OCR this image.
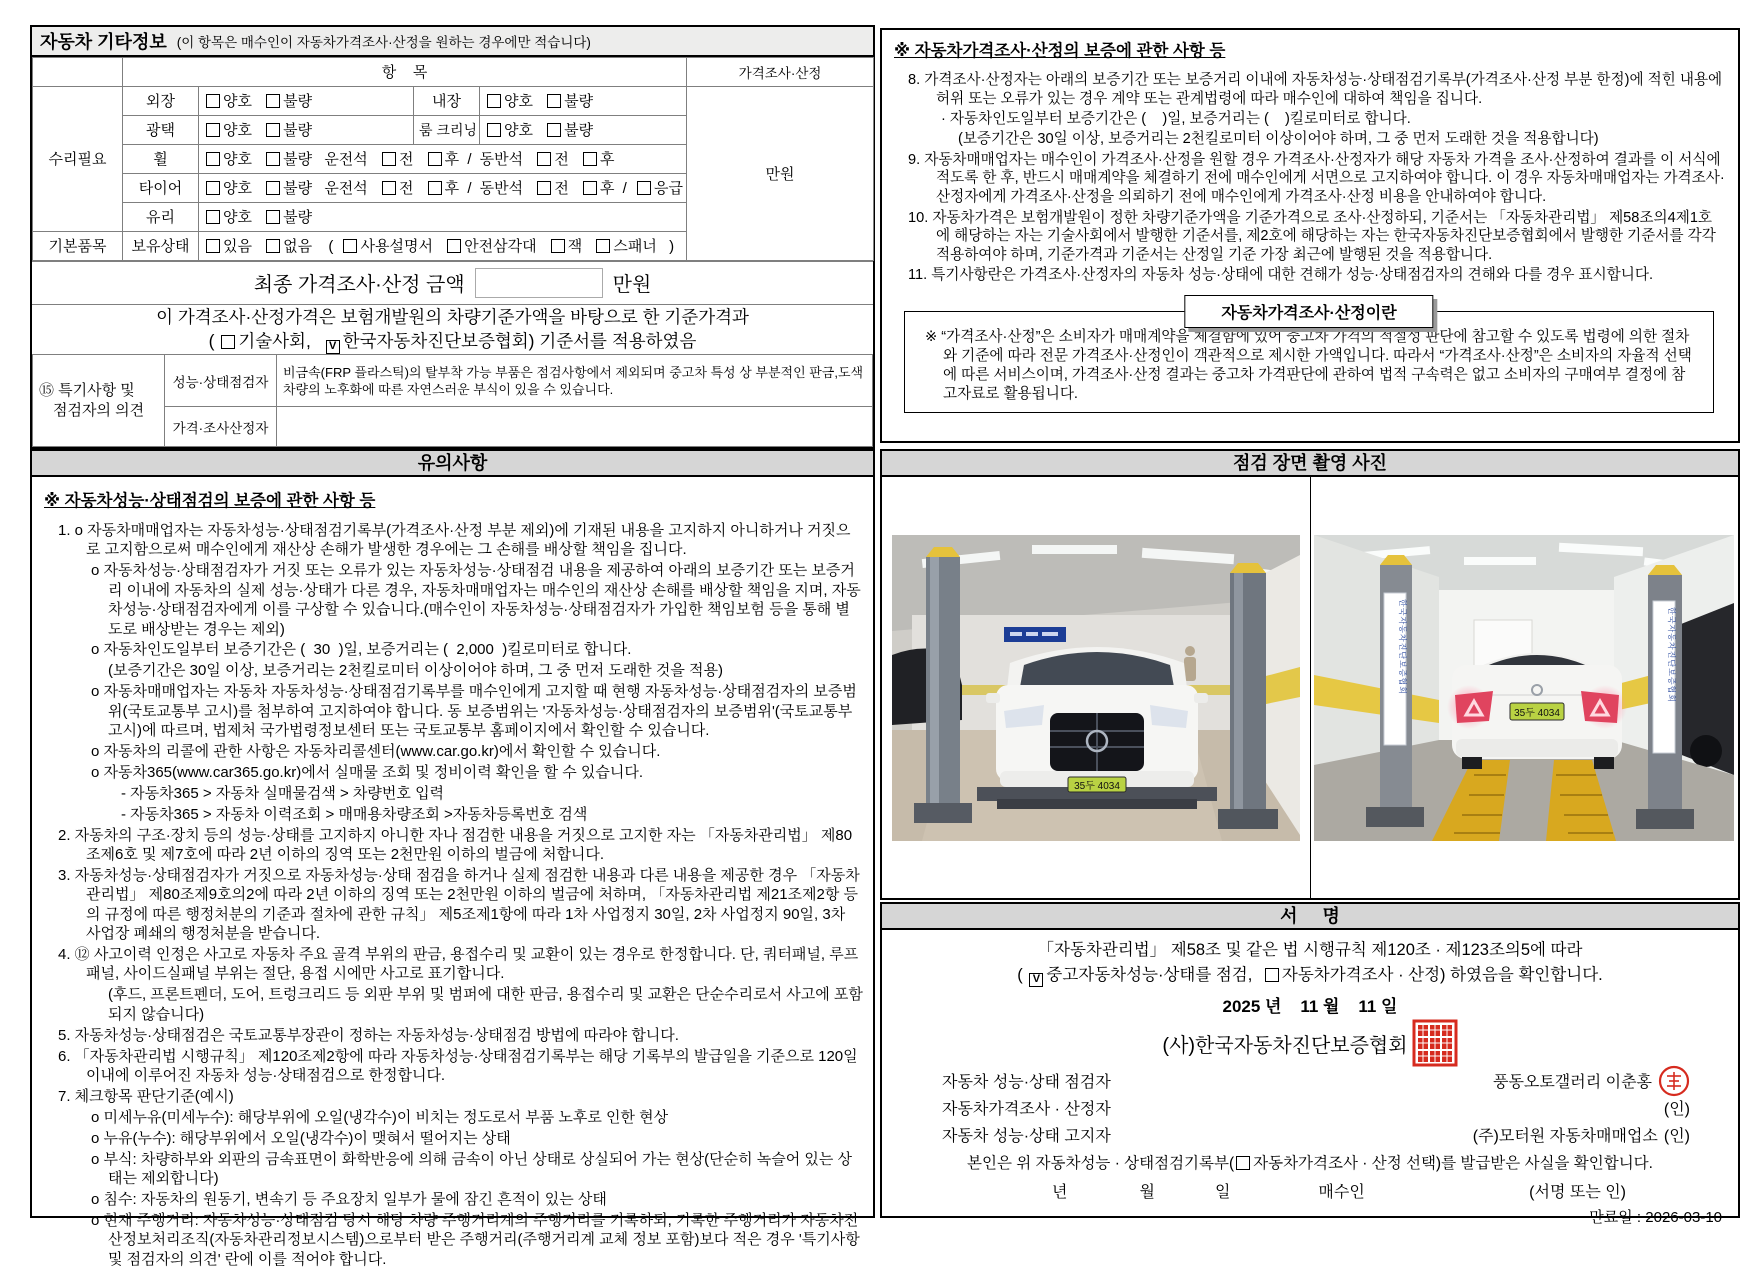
자동차 기타정보 (이 항목은 매수인이 자동차가격조사·산정을 원하는 경우에만 적습니다)
	항    목				가격조사·산정
수리필요	외장	양호 불량	내장	양호 불량	만원
	광택	양호 불량	룸 크리닝	양호 불량	
	휠	양호 불량 운전석 전 후 / 동반석 전 후			
	타이어	양호 불량 운전석 전 후 / 동반석 전 후 / 응급			
	유리	양호 불량			
기본품목	보유상태	있음 없음 ( 사용설명서 안전삼각대 잭 스패너 )			
최종 가격조사·산정 금액	만원
이 가격조사·산정가격은 보험개발원의 차량기준가액을 바탕으로 한 기준가격과
( 기술사회, V 한국자동차진단보증협회) 기준서를 적용하였음
⑮ 특기사항 및
점검자의 의견	성능·상태점검자	비금속(FRP 플라스틱)의 탈부착 가능 부품은 점검사항에서 제외되며 중고차 특성 상 부분적인 판금,도색 차량의 노후화에 따른 자연스러운 부식이 있을 수 있습니다.
	가격·조사산정자	
유의사항
※ 자동차성능·상태점검의 보증에 관한 사항 등
1. o 자동차매매업자는 자동차성능·상태점검기록부(가격조사·산정 부분 제외)에 기재된 내용을 고지하지 아니하거나 거짓으로 고지함으로써 매수인에게 재산상 손해가 발생한 경우에는 그 손해를 배상할 책임을 집니다.
o 자동차성능·상태점검자가 거짓 또는 오류가 있는 자동차성능·상태점검 내용을 제공하여 아래의 보증기간 또는 보증거리 이내에 자동차의 실제 성능·상태가 다른 경우, 자동차매매업자는 매수인의 재산상 손해를 배상할 책임을 지며, 자동차성능·상태점검자에게 이를 구상할 수 있습니다.(매수인이 자동차성능·상태점검자가 가입한 책임보험 등을 통해 별도로 배상받는 경우는 제외)
o 자동차인도일부터 보증기간은 (  30  )일, 보증거리는 (  2,000  )킬로미터로 합니다.
(보증기간은 30일 이상, 보증거리는 2천킬로미터 이상이어야 하며, 그 중 먼저 도래한 것을 적용)
o 자동차매매업자는 자동차 자동차성능·상태점검기록부를 매수인에게 고지할 때 현행 자동차성능·상태점검자의 보증범위(국토교통부 고시)를 첨부하여 고지하여야 합니다. 동 보증범위는 '자동차성능·상태점검자의 보증범위'(국토교통부 고시)에 따르며, 법제처 국가법령정보센터 또는 국토교통부 홈페이지에서 확인할 수 있습니다.
o 자동차의 리콜에 관한 사항은 자동차리콜센터(www.car.go.kr)에서 확인할 수 있습니다.
o 자동차365(www.car365.go.kr)에서 실매물 조회 및 정비이력 확인을 할 수 있습니다.
- 자동차365 > 자동차 실매물검색 > 차량번호 입력
- 자동차365 > 자동차 이력조회 > 매매용차량조회 >자동차등록번호 검색
2. 자동차의 구조·장치 등의 성능·상태를 고지하지 아니한 자나 점검한 내용을 거짓으로 고지한 자는 「자동차관리법」 제80조제6호 및 제7호에 따라 2년 이하의 징역 또는 2천만원 이하의 벌금에 처합니다.
3. 자동차성능·상태점검자가 거짓으로 자동차성능·상태 점검을 하거나 실제 점검한 내용과 다른 내용을 제공한 경우 「자동차관리법」 제80조제9호의2에 따라 2년 이하의 징역 또는 2천만원 이하의 벌금에 처하며, 「자동차관리법 제21조제2항 등의 규정에 따른 행정처분의 기준과 절차에 관한 규칙」 제5조제1항에 따라 1차 사업정지 30일, 2차 사업정지 90일, 3차 사업장 폐쇄의 행정처분을 받습니다.
4. ⑫ 사고이력 인정은 사고로 자동차 주요 골격 부위의 판금, 용접수리 및 교환이 있는 경우로 한정합니다. 단, 쿼터패널, 루프패널, 사이드실패널 부위는 절단, 용접 시에만 사고로 표기합니다.
(후드, 프론트펜더, 도어, 트렁크리드 등 외판 부위 및 범퍼에 대한 판금, 용접수리 및 교환은 단순수리로서 사고에 포함되지 않습니다)
5. 자동차성능·상태점검은 국토교통부장관이 정하는 자동차성능·상태점검 방법에 따라야 합니다.
6. 「자동차관리법 시행규칙」 제120조제2항에 따라 자동차성능·상태점검기록부는 해당 기록부의 발급일을 기준으로 120일 이내에 이루어진 자동차 성능·상태점검으로 한정합니다.
7. 체크항목 판단기준(예시)
o 미세누유(미세누수): 해당부위에 오일(냉각수)이 비치는 정도로서 부품 노후로 인한 현상
o 누유(누수): 해당부위에서 오일(냉각수)이 맺혀서 떨어지는 상태
o 부식: 차량하부와 외판의 금속표면이 화학반응에 의해 금속이 아닌 상태로 상실되어 가는 현상(단순히 녹슬어 있는 상태는 제외합니다)
o 침수: 자동차의 원동기, 변속기 등 주요장치 일부가 물에 잠긴 흔적이 있는 상태
o 현재 주행거리: 자동차성능·상태점검 당시 해당 차량 주행거리계의 주행거리를 기록하되, 기록한 주행거리가 자동차전산정보처리조직(자동차관리정보시스템)으로부터 받은 주행거리(주행거리계 교체 정보 포함)보다 적은 경우 '특기사항 및 점검자의 의견' 란에 이를 적어야 합니다.
※ 자동차가격조사·산정의 보증에 관한 사항 등
8. 가격조사·산정자는 아래의 보증기간 또는 보증거리 이내에 자동차성능·상태점검기록부(가격조사·산정 부분 한정)에 적힌 내용에 허위 또는 오류가 있는 경우 계약 또는 관계법령에 따라 매수인에 대하여 책임을 집니다.
· 자동차인도일부터 보증기간은 (    )일, 보증거리는 (    )킬로미터로 합니다.
(보증기간은 30일 이상, 보증거리는 2천킬로미터 이상이어야 하며, 그 중 먼저 도래한 것을 적용합니다)
9. 자동차매매업자는 매수인이 가격조사·산정을 원할 경우 가격조사·산정자가 해당 자동차 가격을 조사·산정하여 결과를 이 서식에 적도록 한 후, 반드시 매매계약을 체결하기 전에 매수인에게 서면으로 고지하여야 합니다. 이 경우 자동차매매업자는 가격조사·산정자에게 가격조사·산정을 의뢰하기 전에 매수인에게 가격조사·산정 비용을 안내하여야 합니다.
10. 자동차가격은 보험개발원이 정한 차량기준가액을 기준가격으로 조사·산정하되, 기준서는 「자동차관리법」 제58조의4제1호에 해당하는 자는 기술사회에서 발행한 기준서를, 제2호에 해당하는 자는 한국자동차진단보증협회에서 발행한 기준서를 각각 적용하여야 하며, 기준가격과 기준서는 산정일 기준 가장 최근에 발행된 것을 적용합니다.
11. 특기사항란은 가격조사·산정자의 자동차 성능·상태에 대한 견해가 성능·상태점검자의 견해와 다를 경우 표시합니다.
자동차가격조사·산정이란
※ “가격조사·산정”은 소비자가 매매계약을 체결함에 있어 중고차 가격의 적절성 판단에 참고할 수 있도록 법령에 의한 절차와 기준에 따라 전문 가격조사·산정인이 객관적으로 제시한 가액입니다. 따라서 “가격조사·산정”은 소비자의 자율적 선택에 따른 서비스이며, 가격조사·산정 결과는 중고차 가격판단에 관하여 법적 구속력은 없고 소비자의 구매여부 결정에 참고자료로 활용됩니다.
점검 장면 촬영 사진
35두 4034
35두 4034
한국자동차진단보증협회	한국자동차진단보증협회
서     명
「자동차관리법」 제58조 및 같은 법 시행규칙 제120조 · 제123조의5에 따라
( V 중고자동차성능·상태를 점검, 자동차가격조사 · 산정) 하였음을 확인합니다.
2025 년    11 월    11 일
(사)한국자동차진단보증협회
자동차 성능·상태 점검자	풍동오토갤러리 이춘홍
자동차가격조사 · 산정자	(인)
자동차 성능·상태 고지자	(주)모터원 자동차매매업소 (인)
본인은 위 자동차성능 · 상태점검기록부( 자동차가격조사 · 산정 선택)를 발급받은 사실을 확인합니다.
년	월	일	매수인	(서명 또는 인)
만료일 : 2026-03-10
